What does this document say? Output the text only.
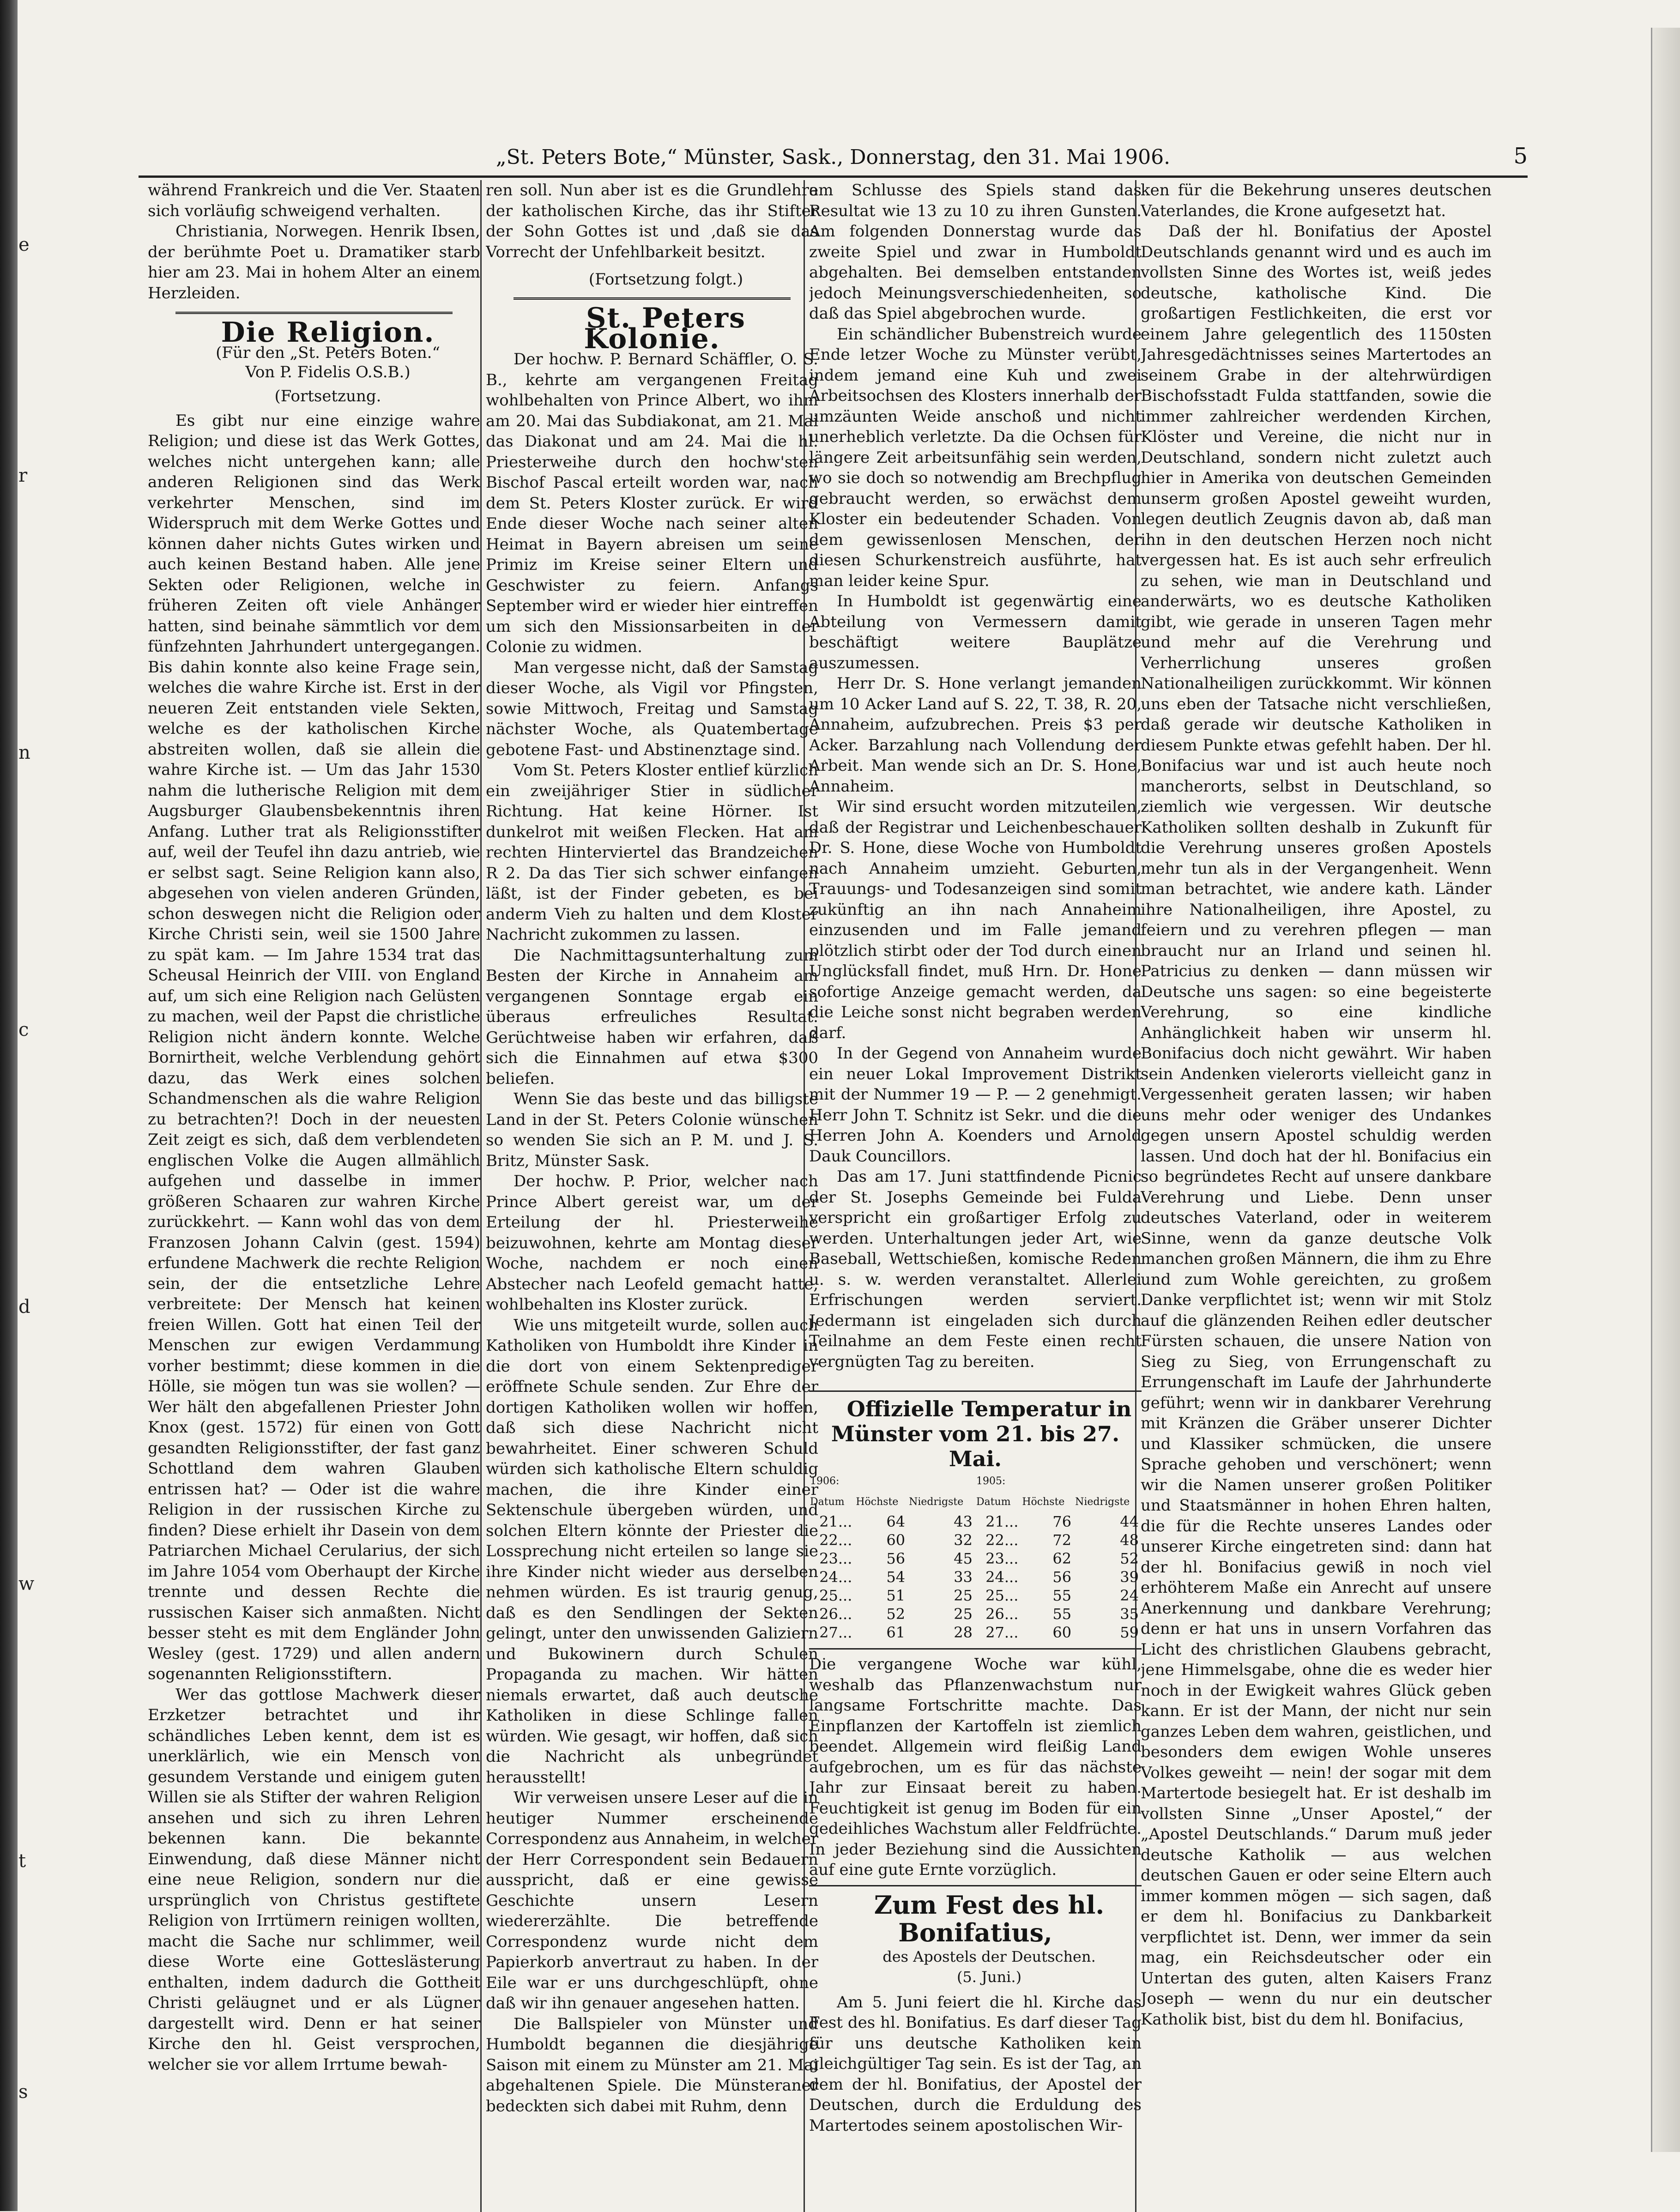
e
r
n
c
d
w
t
s
„St. Peters Bote,“ Münster, Sask., Donnerstag, den 31. Mai 1906.	5

während Frankreich und die Ver. Staaten sich vorläufig schweigend verhalten.

Christiania, Norwegen. Henrik Ibsen, der berühmte Poet u. Dramatiker starb hier am 23. Mai in hohem Alter an einem Herzleiden.

Die Religion.

(Für den „St. Peters Boten.“

Von P. Fidelis O.S.B.)

(Fortsetzung.

Es gibt nur eine einzige wahre Religion; und diese ist das Werk Gottes, welches nicht untergehen kann; alle anderen Religionen sind das Werk verkehrter Menschen, sind im Widerspruch mit dem Werke Gottes und können daher nichts Gutes wirken und auch keinen Bestand haben. Alle jene Sekten oder Religionen, welche in früheren Zeiten oft viele Anhänger hatten, sind beinahe sämmtlich vor dem fünfzehnten Jahrhundert untergegangen. Bis dahin konnte also keine Frage sein, welches die wahre Kirche ist. Erst in der neueren Zeit entstanden viele Sekten, welche es der katholischen Kirche abstreiten wollen, daß sie allein die wahre Kirche ist. — Um das Jahr 1530 nahm die lutherische Religion mit dem Augsburger Glaubensbekenntnis ihren Anfang. Luther trat als Religionsstifter auf, weil der Teufel ihn dazu antrieb, wie er selbst sagt. Seine Religion kann also, abgesehen von vielen anderen Gründen, schon deswegen nicht die Religion oder Kirche Christi sein, weil sie 1500 Jahre zu spät kam. — Im Jahre 1534 trat das Scheusal Heinrich der VIII. von England auf, um sich eine Religion nach Gelüsten zu machen, weil der Papst die christliche Religion nicht ändern konnte. Welche Bornirtheit, welche Verblendung gehört dazu, das Werk eines solchen Schandmenschen als die wahre Religion zu betrachten?! Doch in der neuesten Zeit zeigt es sich, daß dem verblendeten englischen Volke die Augen allmählich aufgehen und dasselbe in immer größeren Schaaren zur wahren Kirche zurückkehrt. — Kann wohl das von dem Franzosen Johann Calvin (gest. 1594) erfundene Machwerk die rechte Religion sein, der die entsetzliche Lehre verbreitete: Der Mensch hat keinen freien Willen. Gott hat einen Teil der Menschen zur ewigen Verdammung vorher bestimmt; diese kommen in die Hölle, sie mögen tun was sie wollen? — Wer hält den abgefallenen Priester John Knox (gest. 1572) für einen von Gott gesandten Religionsstifter, der fast ganz Schottland dem wahren Glauben entrissen hat? — Oder ist die wahre Religion in der russischen Kirche zu finden? Diese erhielt ihr Dasein von dem Patriarchen Michael Cerularius, der sich im Jahre 1054 vom Oberhaupt der Kirche trennte und dessen Rechte die russischen Kaiser sich anmaßten. Nicht besser steht es mit dem Engländer John Wesley (gest. 1729) und allen andern sogenannten Religionsstiftern.

Wer das gottlose Machwerk dieser Erzketzer betrachtet und ihr schändliches Leben kennt, dem ist es unerklärlich, wie ein Mensch von gesundem Verstande und einigem guten Willen sie als Stifter der wahren Religion ansehen und sich zu ihren Lehren bekennen kann. Die bekannte Einwendung, daß diese Männer nicht eine neue Religion, sondern nur die ursprünglich von Christus gestiftete Religion von Irrtümern reinigen wollten, macht die Sache nur schlimmer, weil diese Worte eine Gotteslästerung enthalten, indem dadurch die Gottheit Christi geläugnet und er als Lügner dargestellt wird. Denn er hat seiner Kirche den hl. Geist versprochen, welcher sie vor allem Irrtume bewah-

ren soll. Nun aber ist es die Grundlehre der katholischen Kirche, das ihr Stifter der Sohn Gottes ist und ‚daß sie das Vorrecht der Unfehlbarkeit besitzt.

(Fortsetzung folgt.)

St. Peters Kolonie.

Der hochw. P. Bernard Schäffler, O. S. B., kehrte am vergangenen Freitag wohlbehalten von Prince Albert, wo ihm am 20. Mai das Subdiakonat, am 21. Mai das Diakonat und am 24. Mai die hl. Priesterweihe durch den hochw'sten Bischof Pascal erteilt worden war, nach dem St. Peters Kloster zurück. Er wird Ende dieser Woche nach seiner alten Heimat in Bayern abreisen um seine Primiz im Kreise seiner Eltern und Geschwister zu feiern. Anfangs September wird er wieder hier eintreffen um sich den Missionsarbeiten in der Colonie zu widmen.

Man vergesse nicht, daß der Samstag dieser Woche, als Vigil vor Pfingsten, sowie Mittwoch, Freitag und Samstag nächster Woche, als Quatembertage gebotene Fast- und Abstinenztage sind.

Vom St. Peters Kloster entlief kürzlich ein zweijähriger Stier in südlicher Richtung. Hat keine Hörner. Ist dunkelrot mit weißen Flecken. Hat am rechten Hinterviertel das Brandzeichen R 2. Da das Tier sich schwer einfangen läßt, ist der Finder gebeten, es bei anderm Vieh zu halten und dem Kloster Nachricht zukommen zu lassen.

Die Nachmittagsunterhaltung zum Besten der Kirche in Annaheim am vergangenen Sonntage ergab ein überaus erfreuliches Resultat. Gerüchtweise haben wir erfahren, daß sich die Einnahmen auf etwa $300 beliefen.

Wenn Sie das beste und das billigste Land in der St. Peters Colonie wünschen so wenden Sie sich an P. M. und J. S. Britz, Münster Sask.

Der hochw. P. Prior, welcher nach Prince Albert gereist war, um der Erteilung der hl. Priesterweihe beizuwohnen, kehrte am Montag dieser Woche, nachdem er noch einen Abstecher nach Leofeld gemacht hatte, wohlbehalten ins Kloster zurück.

Wie uns mitgeteilt wurde, sollen auch Katholiken von Humboldt ihre Kinder in die dort von einem Sektenprediger eröffnete Schule senden. Zur Ehre der dortigen Katholiken wollen wir hoffen, daß sich diese Nachricht nicht bewahrheitet. Einer schweren Schuld würden sich katholische Eltern schuldig machen, die ihre Kinder einer Sektenschule übergeben würden, und solchen Eltern könnte der Priester die Lossprechung nicht erteilen so lange sie ihre Kinder nicht wieder aus derselben nehmen würden. Es ist traurig genug, daß es den Sendlingen der Sekten gelingt, unter den unwissenden Galiziern und Bukowinern durch Schulen Propaganda zu machen. Wir hätten niemals erwartet, daß auch deutsche Katholiken in diese Schlinge fallen würden. Wie gesagt, wir hoffen, daß sich die Nachricht als unbegründet herausstellt!

Wir verweisen unsere Leser auf die in heutiger Nummer erscheinende Correspondenz aus Annaheim, in welcher der Herr Correspondent sein Bedauern ausspricht, daß er eine gewisse Geschichte unsern Lesern wiedererzählte. Die betreffende Correspondenz wurde nicht dem Papierkorb anvertraut zu haben. In der Eile war er uns durchgeschlüpft, ohne daß wir ihn genauer angesehen hatten.

Die Ballspieler von Münster und Humboldt begannen die diesjährige Saison mit einem zu Münster am 21. Mai abgehaltenen Spiele. Die Münsteraner bedeckten sich dabei mit Ruhm, denn

am Schlusse des Spiels stand das Resultat wie 13 zu 10 zu ihren Gunsten. Am folgenden Donnerstag wurde das zweite Spiel und zwar in Humboldt abgehalten. Bei demselben entstanden jedoch Meinungsverschiedenheiten, so daß das Spiel abgebrochen wurde.

Ein schändlicher Bubenstreich wurde Ende letzer Woche zu Münster verübt, indem jemand eine Kuh und zwei Arbeitsochsen des Klosters innerhalb der umzäunten Weide anschoß und nicht unerheblich verletzte. Da die Ochsen für längere Zeit arbeitsunfähig sein werden, wo sie doch so notwendig am Brechpflug gebraucht werden, so erwächst dem Kloster ein bedeutender Schaden. Von dem gewissenlosen Menschen, der diesen Schurkenstreich ausführte, hat man leider keine Spur.

In Humboldt ist gegenwärtig eine Abteilung von Vermessern damit beschäftigt weitere Bauplätze auszumessen.

Herr Dr. S. Hone verlangt jemanden um 10 Acker Land auf S. 22, T. 38, R. 20, Annaheim, aufzubrechen. Preis $3 per Acker. Barzahlung nach Vollendung der Arbeit. Man wende sich an Dr. S. Hone, Annaheim.

Wir sind ersucht worden mitzuteilen, daß der Registrar und Leichenbeschauer Dr. S. Hone, diese Woche von Humboldt nach Annaheim umzieht. Geburten, Trauungs- und Todesanzeigen sind somit zukünftig an ihn nach Annaheim einzusenden und im Falle jemand plötzlich stirbt oder der Tod durch einen Unglücksfall findet, muß Hrn. Dr. Hone sofortige Anzeige gemacht werden, da die Leiche sonst nicht begraben werden darf.

In der Gegend von Annaheim wurde ein neuer Lokal Improvement Distrikt mit der Nummer 19 — P. — 2 genehmigt. Herr John T. Schnitz ist Sekr. und die die Herren John A. Koenders und Arnold Dauk Councillors.

Das am 17. Juni stattfindende Picnic der St. Josephs Gemeinde bei Fulda verspricht ein großartiger Erfolg zu werden. Unterhaltungen jeder Art, wie Baseball, Wettschießen, komische Reden u. s. w. werden veranstaltet. Allerlei Erfrischungen werden serviert. Jedermann ist eingeladen sich durch Teilnahme an dem Feste einen recht vergnügten Tag zu bereiten.

Offizielle Temperatur in Münster vom 21. bis 27. Mai.

1906:			1905:		
Datum	Höchste	Niedrigste	Datum	Höchste	Niedrigste
21...	64	43	21...	76	44
22...	60	32	22...	72	48
23...	56	45	23...	62	52
24...	54	33	24...	56	39
25...	51	25	25...	55	24
26...	52	25	26...	55	35
27...	61	28	27...	60	59

Die vergangene Woche war kühl, weshalb das Pflanzenwachstum nur langsame Fortschritte machte. Das Einpflanzen der Kartoffeln ist ziemlich beendet. Allgemein wird fleißig Land aufgebrochen, um es für das nächste Jahr zur Einsaat bereit zu haben. Feuchtigkeit ist genug im Boden für ein gedeihliches Wachstum aller Feldfrüchte. In jeder Beziehung sind die Aussichten auf eine gute Ernte vorzüglich.

Zum Fest des hl. Bonifatius,

des Apostels der Deutschen.

(5. Juni.)

Am 5. Juni feiert die hl. Kirche das Fest des hl. Bonifatius. Es darf dieser Tag für uns deutsche Katholiken kein gleichgültiger Tag sein. Es ist der Tag, an dem der hl. Bonifatius, der Apostel der Deutschen, durch die Erduldung des Martertodes seinem apostolischen Wir-

ken für die Bekehrung unseres deutschen Vaterlandes, die Krone aufgesetzt hat.

Daß der hl. Bonifatius der Apostel Deutschlands genannt wird und es auch im vollsten Sinne des Wortes ist, weiß jedes deutsche, katholische Kind. Die großartigen Festlichkeiten, die erst vor einem Jahre gelegentlich des 1150sten Jahresgedächtnisses seines Martertodes an seinem Grabe in der altehrwürdigen Bischofsstadt Fulda stattfanden, sowie die immer zahlreicher werdenden Kirchen, Klöster und Vereine, die nicht nur in Deutschland, sondern nicht zuletzt auch hier in Amerika von deutschen Gemeinden unserm großen Apostel geweiht wurden, legen deutlich Zeugnis davon ab, daß man ihn in den deutschen Herzen noch nicht vergessen hat. Es ist auch sehr erfreulich zu sehen, wie man in Deutschland und anderwärts, wo es deutsche Katholiken gibt, wie gerade in unseren Tagen mehr und mehr auf die Verehrung und Verherrlichung unseres großen Nationalheiligen zurückkommt. Wir können uns eben der Tatsache nicht verschließen, daß gerade wir deutsche Katholiken in diesem Punkte etwas gefehlt haben. Der hl. Bonifacius war und ist auch heute noch mancherorts, selbst in Deutschland, so ziemlich wie vergessen. Wir deutsche Katholiken sollten deshalb in Zukunft für die Verehrung unseres großen Apostels mehr tun als in der Vergangenheit. Wenn man betrachtet, wie andere kath. Länder ihre Nationalheiligen, ihre Apostel, zu feiern und zu verehren pflegen — man braucht nur an Irland und seinen hl. Patricius zu denken — dann müssen wir Deutsche uns sagen: so eine begeisterte Verehrung, so eine kindliche Anhänglichkeit haben wir unserm hl. Bonifacius doch nicht gewährt. Wir haben sein Andenken vielerorts vielleicht ganz in Vergessenheit geraten lassen; wir haben uns mehr oder weniger des Undankes gegen unsern Apostel schuldig werden lassen. Und doch hat der hl. Bonifacius ein so begründetes Recht auf unsere dankbare Verehrung und Liebe. Denn unser deutsches Vaterland, oder in weiterem Sinne, wenn da ganze deutsche Volk manchen großen Männern, die ihm zu Ehre und zum Wohle gereichten, zu großem Danke verpflichtet ist; wenn wir mit Stolz auf die glänzenden Reihen edler deutscher Fürsten schauen, die unsere Nation von Sieg zu Sieg, von Errungenschaft zu Errungenschaft im Laufe der Jahrhunderte geführt; wenn wir in dankbarer Verehrung mit Kränzen die Gräber unserer Dichter und Klassiker schmücken, die unsere Sprache gehoben und verschönert; wenn wir die Namen unserer großen Politiker und Staatsmänner in hohen Ehren halten, die für die Rechte unseres Landes oder unserer Kirche eingetreten sind: dann hat der hl. Bonifacius gewiß in noch viel erhöhterem Maße ein Anrecht auf unsere Anerkennung und dankbare Verehrung; denn er hat uns in unsern Vorfahren das Licht des christlichen Glaubens gebracht, jene Himmelsgabe, ohne die es weder hier noch in der Ewigkeit wahres Glück geben kann. Er ist der Mann, der nicht nur sein ganzes Leben dem wahren, geistlichen, und besonders dem ewigen Wohle unseres Volkes geweiht — nein! der sogar mit dem Martertode besiegelt hat. Er ist deshalb im vollsten Sinne „Unser Apostel,“ der „Apostel Deutschlands.“ Darum muß jeder deutsche Katholik — aus welchen deutschen Gauen er oder seine Eltern auch immer kommen mögen — sich sagen, daß er dem hl. Bonifacius zu Dankbarkeit verpflichtet ist. Denn, wer immer da sein mag, ein Reichsdeutscher oder ein Untertan des guten, alten Kaisers Franz Joseph — wenn du nur ein deutscher Katholik bist, bist du dem hl. Bonifacius,
